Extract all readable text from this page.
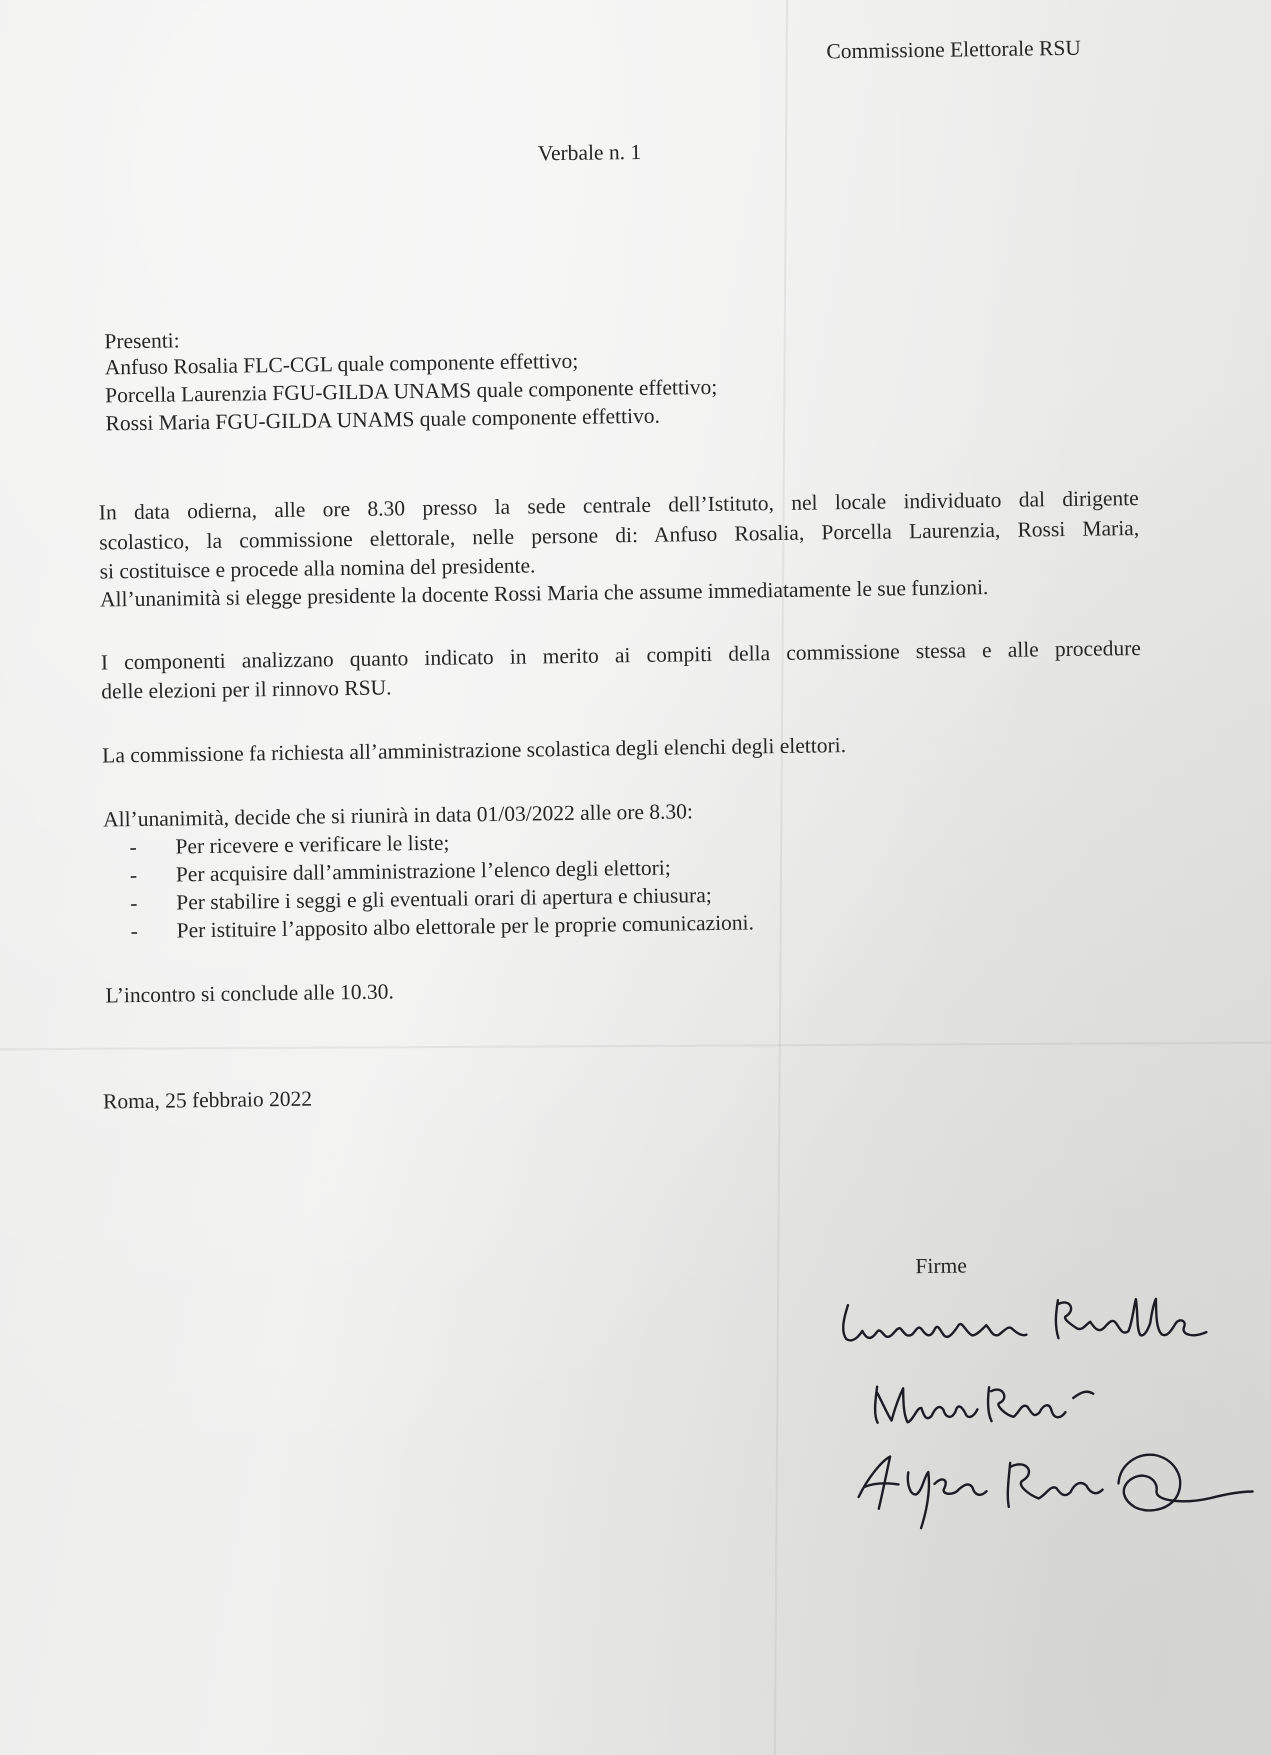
Commissione Elettorale RSU
Verbale n. 1
Presenti:
Anfuso Rosalia FLC-CGL quale componente effettivo;
Porcella Laurenzia FGU-GILDA UNAMS quale componente effettivo;
Rossi Maria FGU-GILDA UNAMS quale componente effettivo.
In data odierna, alle ore 8.30 presso la sede centrale dell’Istituto, nel locale individuato dal dirigente
scolastico, la commissione elettorale, nelle persone di: Anfuso Rosalia, Porcella Laurenzia, Rossi Maria,
si costituisce e procede alla nomina del presidente.
All’unanimità si elegge presidente la docente Rossi Maria che assume immediatamente le sue funzioni.
I componenti analizzano quanto indicato in merito ai compiti della commissione stessa e alle procedure
delle elezioni per il rinnovo RSU.
La commissione fa richiesta all’amministrazione scolastica degli elenchi degli elettori.
All’unanimità, decide che si riunirà in data 01/03/2022 alle ore 8.30:
- Per ricevere e verificare le liste;
- Per acquisire dall’amministrazione l’elenco degli elettori;
- Per stabilire i seggi e gli eventuali orari di apertura e chiusura;
- Per istituire l’apposito albo elettorale per le proprie comunicazioni.
L’incontro si conclude alle 10.30.
Roma, 25 febbraio 2022
Firme
